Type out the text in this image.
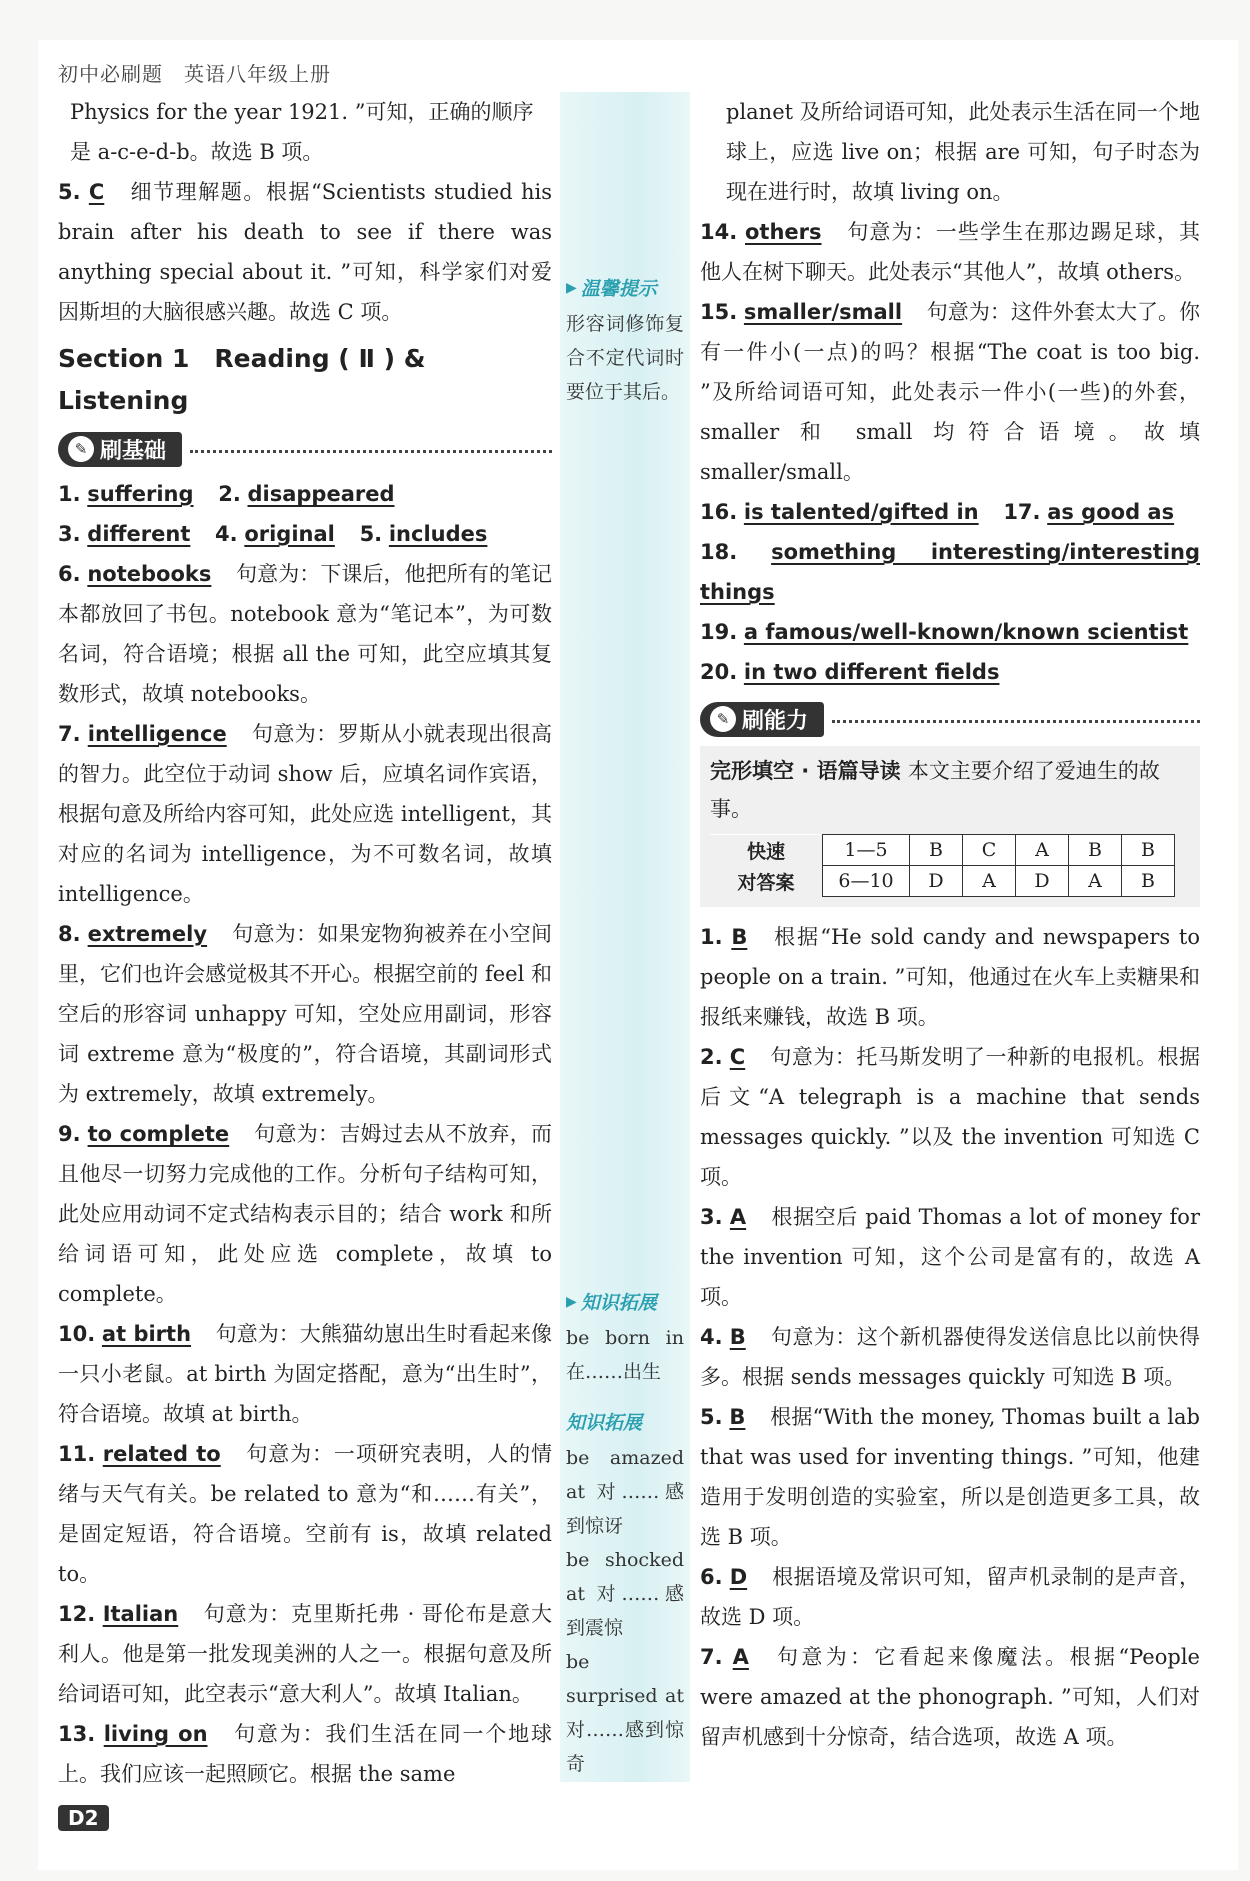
初中必刷题　英语八年级上册

Physics for the year 1921. ”可知，正确的顺序

是 a-c-e-d-b。故选 B 项。

5. C 细节理解题。根据“Scientists studied his brain after his death to see if there was anything special about it. ”可知，科学家们对爱因斯坦的大脑很感兴趣。故选 C 项。
Section 1　Reading ( Ⅱ ) & Listening
✎ 刷基础
1. suffering 2. disappeared
3. different 4. original 5. includes
6. notebooks 句意为：下课后，他把所有的笔记本都放回了书包。notebook 意为“笔记本”，为可数名词，符合语境；根据 all the 可知，此空应填其复数形式，故填 notebooks。
7. intelligence 句意为：罗斯从小就表现出很高的智力。此空位于动词 show 后，应填名词作宾语，根据句意及所给内容可知，此处应选 intelligent，其对应的名词为 intelligence，为不可数名词，故填 intelligence。
8. extremely 句意为：如果宠物狗被养在小空间里，它们也许会感觉极其不开心。根据空前的 feel 和空后的形容词 unhappy 可知，空处应用副词，形容词 extreme 意为“极度的”，符合语境，其副词形式为 extremely，故填 extremely。
9. to complete 句意为：吉姆过去从不放弃，而且他尽一切努力完成他的工作。分析句子结构可知，此处应用动词不定式结构表示目的；结合 work 和所给词语可知，此处应选 complete，故填 to complete。
10. at birth 句意为：大熊猫幼崽出生时看起来像一只小老鼠。at birth 为固定搭配，意为“出生时”，符合语境。故填 at birth。
11. related to 句意为：一项研究表明，人的情绪与天气有关。be related to 意为“和……有关”，是固定短语，符合语境。空前有 is，故填 related to。
12. Italian 句意为：克里斯托弗 · 哥伦布是意大利人。他是第一批发现美洲的人之一。根据句意及所给词语可知，此空表示“意大利人”。故填 Italian。
13. living on 句意为：我们生活在同一个地球上。我们应该一起照顾它。根据 the same
▶ 温馨提示

形容词修饰复合不定代词时要位于其后。

▶ 知识拓展

be born in 在……出生

知识拓展

be amazed at 对……感到惊讶

be shocked at 对……感到震惊

be surprised at 对……感到惊奇

planet 及所给词语可知，此处表示生活在同一个地球上，应选 live on；根据 are 可知，句子时态为现在进行时，故填 living on。

14. others 句意为：一些学生在那边踢足球，其他人在树下聊天。此处表示“其他人”，故填 others。
15. smaller/small 句意为：这件外套太大了。你有一件小(一点)的吗？根据“The coat is too big. ”及所给词语可知，此处表示一件小(一些)的外套，smaller 和 small 均符合语境。故填 smaller/small。
16. is talented/gifted in 17. as good as
18. something interesting/interesting things
19. a famous/well-known/known scientist
20. in two different fields
✎ 刷能力
完形填空 · 语篇导读 本文主要介绍了爱迪生的故事。
快速	1—5	B	C	A	B	B
对答案	6—10	D	A	D	A	B
1. B 根据“He sold candy and newspapers to people on a train. ”可知，他通过在火车上卖糖果和报纸来赚钱，故选 B 项。
2. C 句意为：托马斯发明了一种新的电报机。根据后文“A telegraph is a machine that sends messages quickly. ”以及 the invention 可知选 C 项。
3. A 根据空后 paid Thomas a lot of money for the invention 可知，这个公司是富有的，故选 A 项。
4. B 句意为：这个新机器使得发送信息比以前快得多。根据 sends messages quickly 可知选 B 项。
5. B 根据“With the money, Thomas built a lab that was used for inventing things. ”可知，他建造用于发明创造的实验室，所以是创造更多工具，故选 B 项。
6. D 根据语境及常识可知，留声机录制的是声音，故选 D 项。
7. A 句意为：它看起来像魔法。根据“People were amazed at the phonograph. ”可知，人们对留声机感到十分惊奇，结合选项，故选 A 项。
D2
